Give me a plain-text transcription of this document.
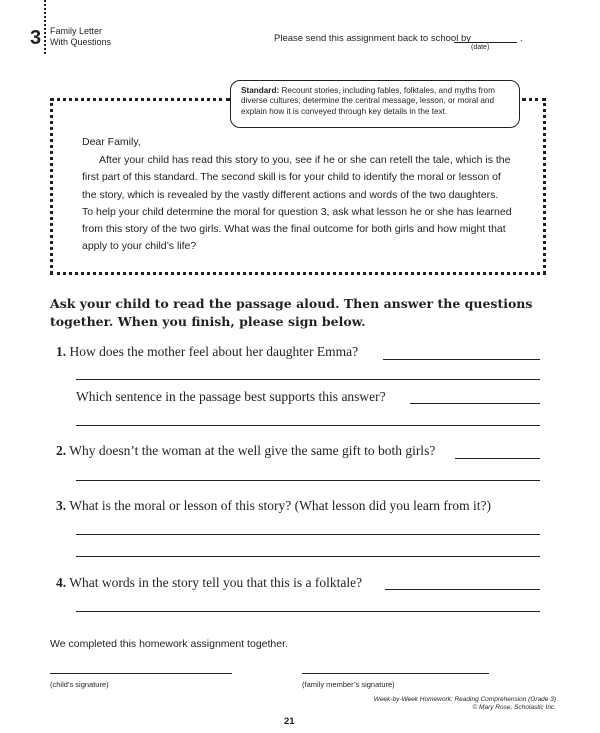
3 Family Letter
With Questions	Please send this assignment back to school by	.
(date)
Standard: Recount stories, including fables, folktales, and myths from diverse cultures; determine the central message, lesson, or moral and explain how it is conveyed through key details in the text.
Dear Family,
After your child has read this story to you, see if he or she can retell the tale, which is the first part of this standard. The second skill is for your child to identify the moral or lesson of the story, which is revealed by the vastly different actions and words of the two daughters. To help your child determine the moral for question 3, ask what lesson he or she has learned from this story of the two girls. What was the final outcome for both girls and how might that apply to your child’s life?
Ask your child to read the passage aloud. Then answer the questions together. When you finish, please sign below.
1. How does the mother feel about her daughter Emma?
Which sentence in the passage best supports this answer?
2. Why doesn’t the woman at the well give the same gift to both girls?
3. What is the moral or lesson of this story? (What lesson did you learn from it?)
4. What words in the story tell you that this is a folktale?
We completed this homework assignment together.
(child’s signature)	(family member’s signature)
Week-by-Week Homework: Reading Comprehension (Grade 3)
© Mary Rose, Scholastic Inc.
21
